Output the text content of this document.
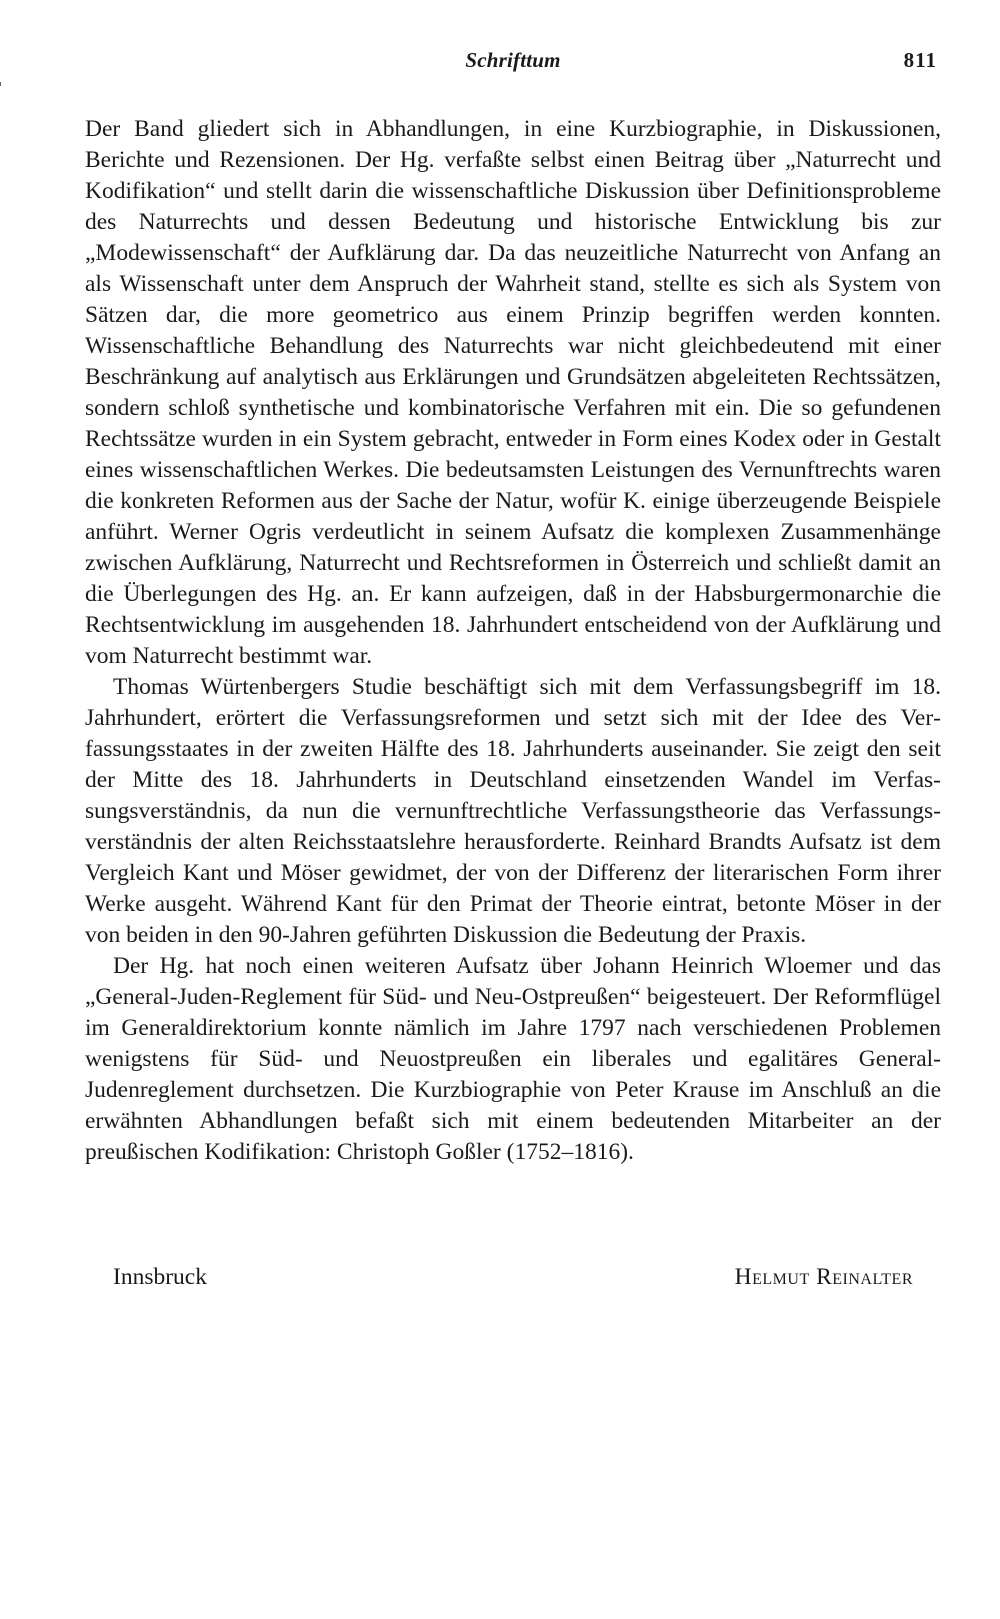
Schrifttum	811

Der Band gliedert sich in Abhandlungen, in eine Kurzbiographie, in Diskussionen, Berichte und Rezensionen. Der Hg. verfaßte selbst einen Beitrag über „Naturrecht und Kodifikation“ und stellt darin die wissenschaftliche Diskussion über Definitionsprobleme des Naturrechts und dessen Bedeutung und historische Entwicklung bis zur „Modewissenschaft“ der Aufklärung dar. Da das neuzeitliche Naturrecht von Anfang an als Wissenschaft unter dem Anspruch der Wahrheit stand, stellte es sich als System von Sätzen dar, die more geometrico aus einem Prinzip begriffen werden konnten. Wissenschaftliche Behandlung des Naturrechts war nicht gleichbedeutend mit einer Beschränkung auf analytisch aus Erklärungen und Grundsätzen abgeleiteten Rechtssätzen, sondern schloß synthetische und kombinatorische Verfahren mit ein. Die so gefundenen Rechtssätze wurden in ein System gebracht, entweder in Form eines Kodex oder in Gestalt eines wissenschaftlichen Werkes. Die bedeutsamsten Leistungen des Vernunftrechts waren die konkreten Reformen aus der Sache der Natur, wofür K. einige überzeugende Beispiele anführt. Werner Ogris verdeutlicht in seinem Aufsatz die komplexen Zusammenhänge zwischen Aufklärung, Naturrecht und Rechtsreformen in Österreich und schließt damit an die Überlegungen des Hg. an. Er kann aufzeigen, daß in der Habsburgermonarchie die Rechtsentwicklung im ausgehenden 18. Jahrhundert entscheidend von der Aufklärung und vom Naturrecht bestimmt war.

Thomas Würtenbergers Studie beschäftigt sich mit dem Verfassungsbegriff im 18. Jahrhundert, erörtert die Verfassungsreformen und setzt sich mit der Idee des Verfassungsstaates in der zweiten Hälfte des 18. Jahrhunderts auseinander. Sie zeigt den seit der Mitte des 18. Jahrhunderts in Deutschland einsetzenden Wandel im Verfassungsverständnis, da nun die vernunftrechtliche Verfassungstheorie das Verfassungsverständnis der alten Reichsstaatslehre herausforderte. Reinhard Brandts Aufsatz ist dem Vergleich Kant und Möser gewidmet, der von der Differenz der literarischen Form ihrer Werke ausgeht. Während Kant für den Primat der Theorie eintrat, betonte Möser in der von beiden in den 90-Jahren geführten Diskussion die Bedeutung der Praxis.

Der Hg. hat noch einen weiteren Aufsatz über Johann Heinrich Wloemer und das „General-Juden-Reglement für Süd- und Neu-Ostpreußen“ beigesteuert. Der Reformflügel im Generaldirektorium konnte nämlich im Jahre 1797 nach verschiedenen Problemen wenigstens für Süd- und Neuostpreußen ein liberales und egalitäres General-Judenreglement durchsetzen. Die Kurzbiographie von Peter Krause im Anschluß an die erwähnten Abhandlungen befaßt sich mit einem bedeutenden Mitarbeiter an der preußischen Kodifikation: Christoph Goßler (1752–1816).

Innsbruck	Helmut Reinalter
